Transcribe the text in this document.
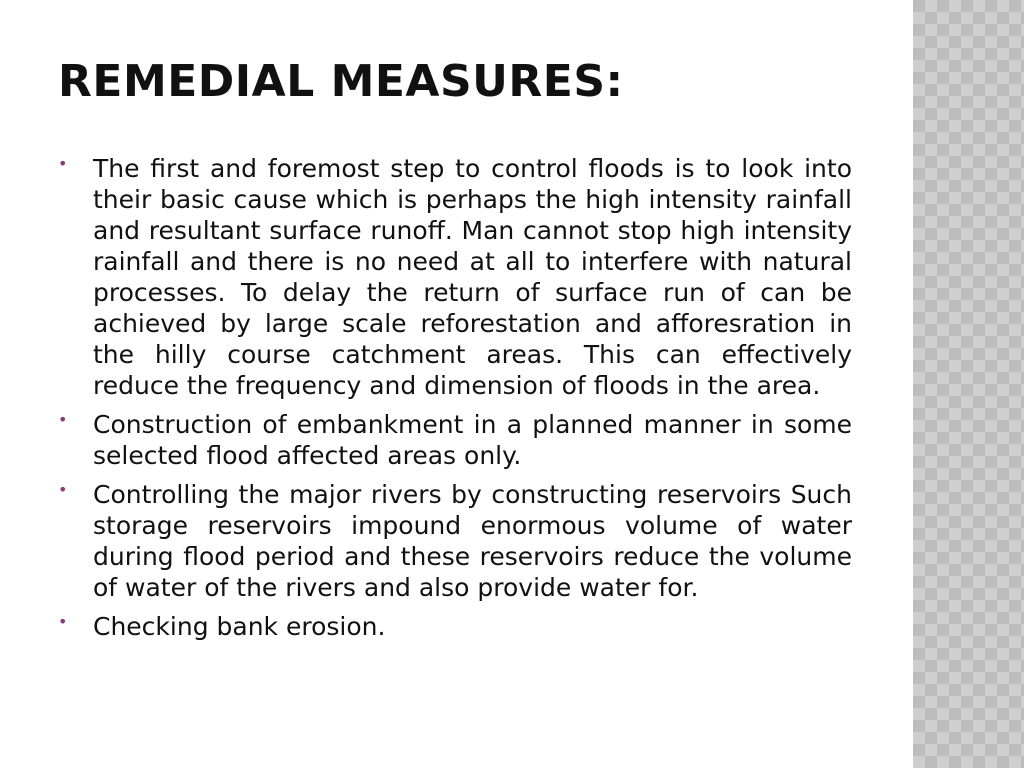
REMEDIAL MEASURES:
• The first and foremost step to control floods is to look into their basic cause which is perhaps the high intensity rainfall and resultant surface runoff. Man cannot stop high intensity rainfall and there is no need at all to interfere with natural processes. To delay the return of surface run of can be achieved by large scale reforestation and afforesration in the hilly course catchment areas. This can effectively reduce the frequency and dimension of floods in the area.
• Construction of embankment in a planned manner in some selected flood affected areas only.
• Controlling the major rivers by constructing reservoirs Such storage reservoirs impound enormous volume of water during flood period and these reservoirs reduce the volume of water of the rivers and also provide water for.
• Checking bank erosion.
